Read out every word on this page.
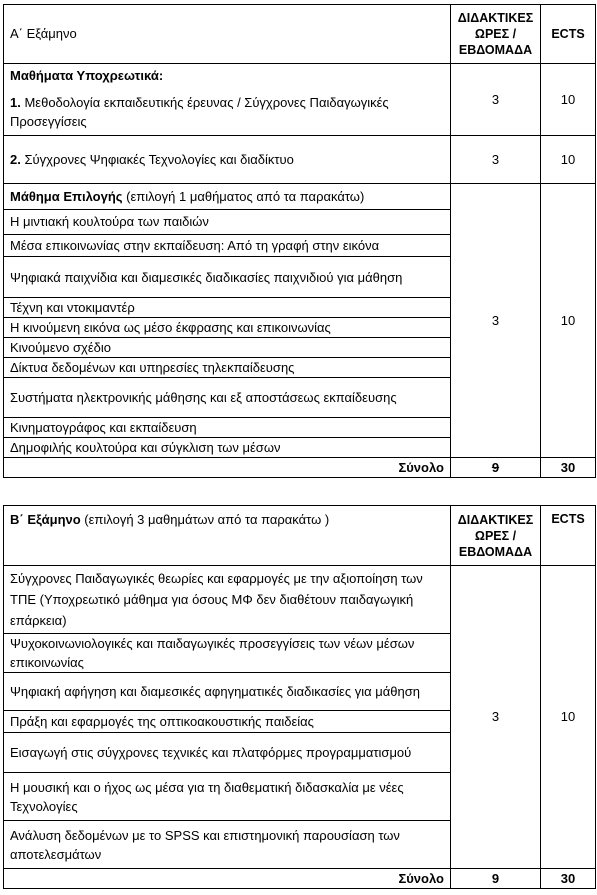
Α΄ Εξάμηνο	ΔΙΔΑΚΤΙΚΕΣ
ΩΡΕΣ /
ΕΒΔΟΜΑΔΑ	ECTS

Μαθήματα Υποχρεωτικά:
1. Μεθοδολογία εκπαιδευτικής έρευνας / Σύγχρονες Παιδαγωγικές Προσεγγίσεις	3	10
2. Σύγχρονες Ψηφιακές Τεχνολογίες και διαδίκτυο	3	10
Μάθημα Επιλογής (επιλογή 1 μαθήματος από τα παρακάτω)	3	10
Η μιντιακή κουλτούρα των παιδιών		
Μέσα επικοινωνίας στην εκπαίδευση: Από τη γραφή στην εικόνα		
Ψηφιακά παιχνίδια και διαμεσικές διαδικασίες παιχνιδιού για μάθηση		
Τέχνη και ντοκιμαντέρ		
Η κινούμενη εικόνα ως μέσο έκφρασης και επικοινωνίας		
Κινούμενο σχέδιο		
Δίκτυα δεδομένων και υπηρεσίες τηλεκπαίδευσης		
Συστήματα ηλεκτρονικής μάθησης και εξ αποστάσεως εκπαίδευσης		
Κινηματογράφος και εκπαίδευση		
Δημοφιλής κουλτούρα και σύγκλιση των μέσων		
Σύνολο	9	30
Β΄ Εξάμηνο (επιλογή 3 μαθημάτων από τα παρακάτω )	ΔΙΔΑΚΤΙΚΕΣ
ΩΡΕΣ /
ΕΒΔΟΜΑΔΑ	ECTS
Σύγχρονες Παιδαγωγικές θεωρίες και εφαρμογές με την αξιοποίηση των ΤΠΕ (Υποχρεωτικό μάθημα για όσους ΜΦ δεν διαθέτουν παιδαγωγική επάρκεια)	3	10
Ψυχοκοινωνιολογικές και παιδαγωγικές προσεγγίσεις των νέων μέσων επικοινωνίας		
Ψηφιακή αφήγηση και διαμεσικές αφηγηματικές διαδικασίες για μάθηση		
Πράξη και εφαρμογές της οπτικοακουστικής παιδείας		
Εισαγωγή στις σύγχρονες τεχνικές και πλατφόρμες προγραμματισμού		
Η μουσική και ο ήχος ως μέσα για τη διαθεματική διδασκαλία με νέες Τεχνολογίες		
Ανάλυση δεδομένων με το SPSS και επιστημονική παρουσίαση των αποτελεσμάτων		
Σύνολο	9	30
